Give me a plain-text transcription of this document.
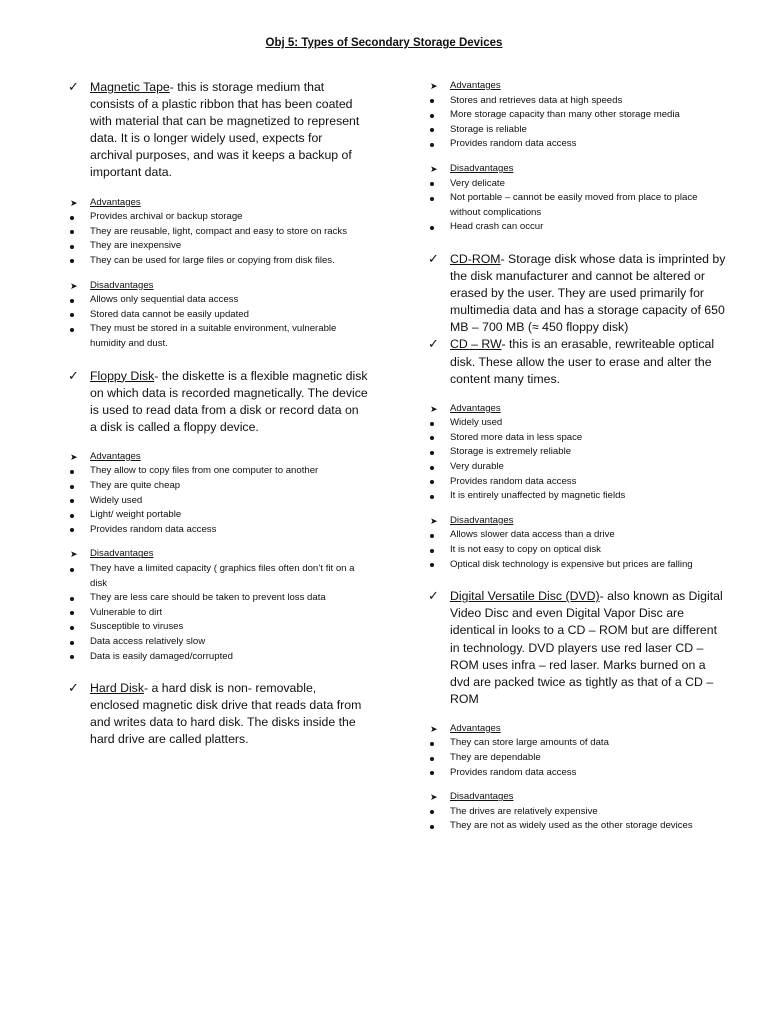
Obj 5: Types of Secondary Storage Devices
✓ Magnetic Tape- this is storage medium that consists of a plastic ribbon that has been coated with material that can be magnetized to represent data. It is o longer widely used, expects for archival purposes, and was it keeps a backup of important data.
➤ Advantages
Provides archival or backup storage
They are reusable, light, compact and easy to store on racks
They are inexpensive
They can be used for large files or copying from disk files.
➤ Disadvantages
Allows only sequential data access
Stored data cannot be easily updated
They must be stored in a suitable environment, vulnerable humidity and dust.
✓ Floppy Disk- the diskette is a flexible magnetic disk on which data is recorded magnetically. The device is used to read data from a disk or record data on a disk is called a floppy device.
➤ Advantages
They allow to copy files from one computer to another
They are quite cheap
Widely used
Light/ weight portable
Provides random data access
➤ Disadvantages
They have a limited capacity ( graphics files often don’t fit on a disk
They are less care should be taken to prevent loss data
Vulnerable to dirt
Susceptible to viruses
Data access relatively slow
Data is easily damaged/corrupted
✓ Hard Disk- a hard disk is non- removable, enclosed magnetic disk drive that reads data from and writes data to hard disk. The disks inside the hard drive are called platters.
➤ Advantages
Stores and retrieves data at high speeds
More storage capacity than many other storage media
Storage is reliable
Provides random data access
➤ Disadvantages
Very delicate
Not portable – cannot be easily moved from place to place without complications
Head crash can occur
✓ CD-ROM- Storage disk whose data is imprinted by the disk manufacturer and cannot be altered or erased by the user. They are used primarily for multimedia data and has a storage capacity of 650 MB – 700 MB (≈ 450 floppy disk)
✓ CD – RW- this is an erasable, rewriteable optical disk. These allow the user to erase and alter the content many times.
➤ Advantages
Widely used
Stored more data in less space
Storage is extremely reliable
Very durable
Provides random data access
It is entirely unaffected by magnetic fields
➤ Disadvantages
Allows slower data access than a drive
It is not easy to copy on optical disk
Optical disk technology is expensive but prices are falling
✓ Digital Versatile Disc (DVD)- also known as Digital Video Disc and even Digital Vapor Disc are identical in looks to a CD – ROM but are different in technology. DVD players use red laser CD – ROM uses infra – red laser. Marks burned on a dvd are packed twice as tightly as that of a CD – ROM
➤ Advantages
They can store large amounts of data
They are dependable
Provides random data access
➤ Disadvantages
The drives are relatively expensive
They are not as widely used as the other storage devices
